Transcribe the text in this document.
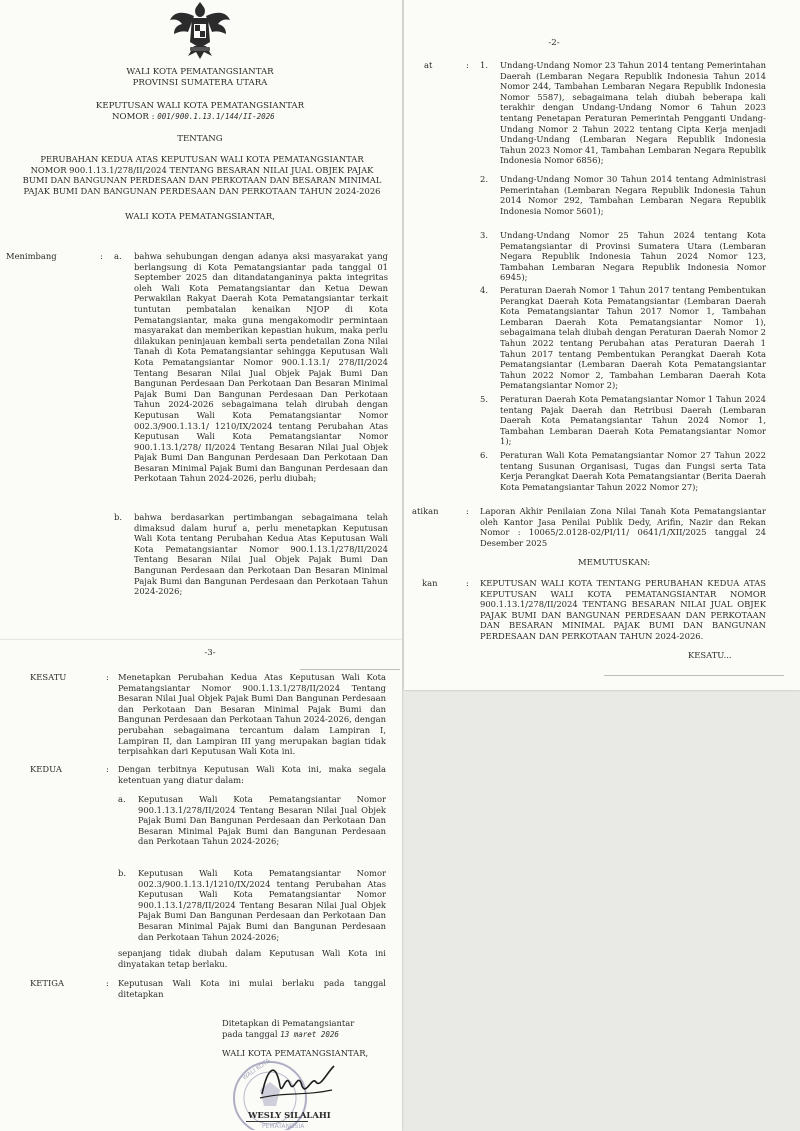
WALI KOTA PEMATANGSIANTAR
PROVINSI SUMATERA UTARA
KEPUTUSAN WALI KOTA PEMATANGSIANTAR
NOMOR : 001/900.1.13.1/144/II-2026
TENTANG
PERUBAHAN KEDUA ATAS KEPUTUSAN WALI KOTA PEMATANGSIANTAR NOMOR 900.1.13.1/278/II/2024 TENTANG BESARAN NILAI JUAL OBJEK PAJAK BUMI DAN BANGUNAN PERDESAAN DAN PERKOTAAN DAN BESARAN MINIMAL PAJAK BUMI DAN BANGUNAN PERDESAAN DAN PERKOTAAN TAHUN 2024-2026
WALI KOTA PEMATANGSIANTAR,
Menimbang	: a. bahwa sehubungan dengan adanya aksi masyarakat yang berlangsung di Kota Pematangsiantar pada tanggal 01 September 2025 dan ditandatanganinya pakta integritas oleh Wali Kota Pematangsiantar dan Ketua Dewan Perwakilan Rakyat Daerah Kota Pematangsiantar terkait tuntutan pembatalan kenaikan NJOP di Kota Pematangsiantar, maka guna mengakomodir permintaan masyarakat dan memberikan kepastian hukum, maka perlu dilakukan peninjauan kembali serta pendetailan Zona Nilai Tanah di Kota Pematangsiantar sehingga Keputusan Wali Kota Pematangsiantar Nomor 900.1.13.1/ 278/II/2024 Tentang Besaran Nilai Jual Objek Pajak Bumi Dan Bangunan Perdesaan Dan Perkotaan Dan Besaran Minimal Pajak Bumi Dan Bangunan Perdesaan Dan Perkotaan Tahun 2024-2026 sebagaimana telah dirubah dengan Keputusan Wali Kota Pematangsiantar Nomor 002.3/900.1.13.1/ 1210/IX/2024 tentang Perubahan Atas Keputusan Wali Kota Pematangsiantar Nomor 900.1.13.1/278/ II/2024 Tentang Besaran Nilai Jual Objek Pajak Bumi Dan Bangunan Perdesaan Dan Perkotaan Dan Besaran Minimal Pajak Bumi dan Bangunan Perdesaan dan Perkotaan Tahun 2024-2026, perlu diubah;
b. bahwa berdasarkan pertimbangan sebagaimana telah dimaksud dalam huruf a, perlu menetapkan Keputusan Wali Kota tentang Perubahan Kedua Atas Keputusan Wali Kota Pematangsiantar Nomor 900.1.13.1/278/II/2024 Tentang Besaran Nilai Jual Objek Pajak Bumi Dan Bangunan Perdesaan dan Perkotaan Dan Besaran Minimal Pajak Bumi dan Bangunan Perdesaan dan Perkotaan Tahun 2024-2026;
-2-
at	: 1. Undang-Undang Nomor 23 Tahun 2014 tentang Pemerintahan Daerah (Lembaran Negara Republik Indonesia Tahun 2014 Nomor 244, Tambahan Lembaran Negara Republik Indonesia Nomor 5587), sebagaimana telah diubah beberapa kali terakhir dengan Undang-Undang Nomor 6 Tahun 2023 tentang Penetapan Peraturan Pemerintah Pengganti Undang-Undang Nomor 2 Tahun 2022 tentang Cipta Kerja menjadi Undang-Undang (Lembaran Negara Republik Indonesia Tahun 2023 Nomor 41, Tambahan Lembaran Negara Republik Indonesia Nomor 6856);
2. Undang-Undang Nomor 30 Tahun 2014 tentang Administrasi Pemerintahan (Lembaran Negara Republik Indonesia Tahun 2014 Nomor 292, Tambahan Lembaran Negara Republik Indonesia Nomor 5601);
3. Undang-Undang Nomor 25 Tahun 2024 tentang Kota Pematangsiantar di Provinsi Sumatera Utara (Lembaran Negara Republik Indonesia Tahun 2024 Nomor 123, Tambahan Lembaran Negara Republik Indonesia Nomor 6945);
4. Peraturan Daerah Nomor 1 Tahun 2017 tentang Pembentukan Perangkat Daerah Kota Pematangsiantar (Lembaran Daerah Kota Pematangsiantar Tahun 2017 Nomor 1, Tambahan Lembaran Daerah Kota Pematangsiantar Nomor 1), sebagaimana telah diubah dengan Peraturan Daerah Nomor 2 Tahun 2022 tentang Perubahan atas Peraturan Daerah 1 Tahun 2017 tentang Pembentukan Perangkat Daerah Kota Pematangsiantar (Lembaran Daerah Kota Pematangsiantar Tahun 2022 Nomor 2, Tambahan Lembaran Daerah Kota Pematangsiantar Nomor 2);
5. Peraturan Daerah Kota Pematangsiantar Nomor 1 Tahun 2024 tentang Pajak Daerah dan Retribusi Daerah (Lembaran Daerah Kota Pematangsiantar Tahun 2024 Nomor 1, Tambahan Lembaran Daerah Kota Pematangsiantar Nomor 1);
6. Peraturan Wali Kota Pematangsiantar Nomor 27 Tahun 2022 tentang Susunan Organisasi, Tugas dan Fungsi serta Tata Kerja Perangkat Daerah Kota Pematangsiantar (Berita Daerah Kota Pematangsiantar Tahun 2022 Nomor 27);
atikan	: Laporan Akhir Penilaian Zona Nilai Tanah Kota Pematangsiantar oleh Kantor Jasa Penilai Publik Dedy, Arifin, Nazir dan Rekan Nomor : 10065/2.0128-02/PI/11/ 0641/1/XII/2025 tanggal 24 Desember 2025
MEMUTUSKAN:
kan	: KEPUTUSAN WALI KOTA TENTANG PERUBAHAN KEDUA ATAS KEPUTUSAN WALI KOTA PEMATANGSIANTAR NOMOR 900.1.13.1/278/II/2024 TENTANG BESARAN NILAI JUAL OBJEK PAJAK BUMI DAN BANGUNAN PERDESAAN DAN PERKOTAAN DAN BESARAN MINIMAL PAJAK BUMI DAN BANGUNAN PERDESAAN DAN PERKOTAAN TAHUN 2024-2026.
KESATU...
-3-
KESATU	: Menetapkan Perubahan Kedua Atas Keputusan Wali Kota Pematangsiantar Nomor 900.1.13.1/278/II/2024 Tentang Besaran Nilai Jual Objek Pajak Bumi Dan Bangunan Perdesaan dan Perkotaan Dan Besaran Minimal Pajak Bumi dan Bangunan Perdesaan dan Perkotaan Tahun 2024-2026, dengan perubahan sebagaimana tercantum dalam Lampiran I, Lampiran II, dan Lampiran III yang merupakan bagian tidak terpisahkan dari Keputusan Wali Kota ini.
KEDUA	: Dengan terbitnya Keputusan Wali Kota ini, maka segala ketentuan yang diatur dalam:
a. Keputusan Wali Kota Pematangsiantar Nomor 900.1.13.1/278/II/2024 Tentang Besaran Nilai Jual Objek Pajak Bumi Dan Bangunan Perdesaan dan Perkotaan Dan Besaran Minimal Pajak Bumi dan Bangunan Perdesaan dan Perkotaan Tahun 2024-2026;
b. Keputusan Wali Kota Pematangsiantar Nomor 002.3/900.1.13.1/1210/IX/2024 tentang Perubahan Atas Keputusan Wali Kota Pematangsiantar Nomor 900.1.13.1/278/II/2024 Tentang Besaran Nilai Jual Objek Pajak Bumi Dan Bangunan Perdesaan dan Perkotaan Dan Besaran Minimal Pajak Bumi dan Bangunan Perdesaan dan Perkotaan Tahun 2024-2026;
sepanjang tidak diubah dalam Keputusan Wali Kota ini dinyatakan tetap berlaku.
KETIGA	: Keputusan Wali Kota ini mulai berlaku pada tanggal ditetapkan
Ditetapkan di Pematangsiantar
pada tanggal 13 maret 2026
WALI KOTA PEMATANGSIANTAR,
WALI KOTA
PEMATANGSIA
WESLY SILALAHI
